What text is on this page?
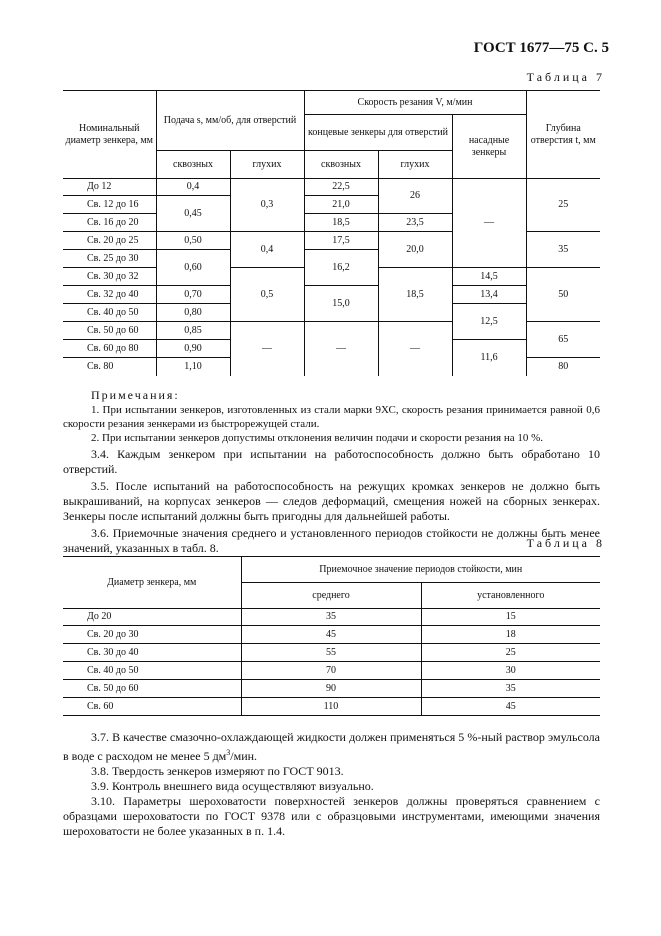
ГОСТ 1677—75 С. 5
Таблица 7
Номинальный диаметр зенкера, мм	Подача s, мм/об, для отверстий		Скорость резания V, м/мин			Глубина отверстия t, мм
			концевые зенкеры для отверстий		насадные зенкеры	
	сквозных	глухих	сквозных	глухих		
До 12	0,4	0,3	22,5	26	—	25
Св. 12 до 16	0,45		21,0			
Св. 16 до 20			18,5	23,5		
Св. 20 до 25	0,50	0,4	17,5	20,0		35
Св. 25 до 30	0,60		16,2			
Св. 30 до 32		0,5		18,5	14,5	50
Св. 32 до 40	0,70		15,0		13,4	
Св. 40 до 50	0,80				12,5	
Св. 50 до 60	0,85	—	—	—		65
Св. 60 до 80	0,90				11,6	
Св. 80	1,10					80

Примечания:

1. При испытании зенкеров, изготовленных из стали марки 9ХС, скорость резания принимается равной 0,6 скорости резания зенкерами из быстрорежущей стали.

2. При испытании зенкеров допустимы отклонения величин подачи и скорости резания на 10 %.

3.4. Каждым зенкером при испытании на работоспособность должно быть обработано 10 отверстий.

3.5. После испытаний на работоспособность на режущих кромках зенкеров не должно быть выкрашиваний, на корпусах зенкеров — следов деформаций, смещения ножей на сборных зенкерах. Зенкеры после испытаний должны быть пригодны для дальнейшей работы.

3.6. Приемочные значения среднего и установленного периодов стойкости не должны быть менее значений, указанных в табл. 8.	Таблица 8
Диаметр зенкера, мм	Приемочное значение периодов стойкости, мин	
	среднего	установленного
До 20	35	15
Св. 20 до 30	45	18
Св. 30 до 40	55	25
Св. 40 до 50	70	30
Св. 50 до 60	90	35
Св. 60	110	45

3.7. В качестве смазочно-охлаждающей жидкости должен применяться 5 %-ный раствор эмульсола в воде с расходом не менее 5 $дм^3$/мин.

3.8. Твердость зенкеров измеряют по ГОСТ 9013.

3.9. Контроль внешнего вида осуществляют визуально.

3.10. Параметры шероховатости поверхностей зенкеров должны проверяться сравнением с образцами шероховатости по ГОСТ 9378 или с образцовыми инструментами, имеющими значения шероховатости не более указанных в п. 1.4.
